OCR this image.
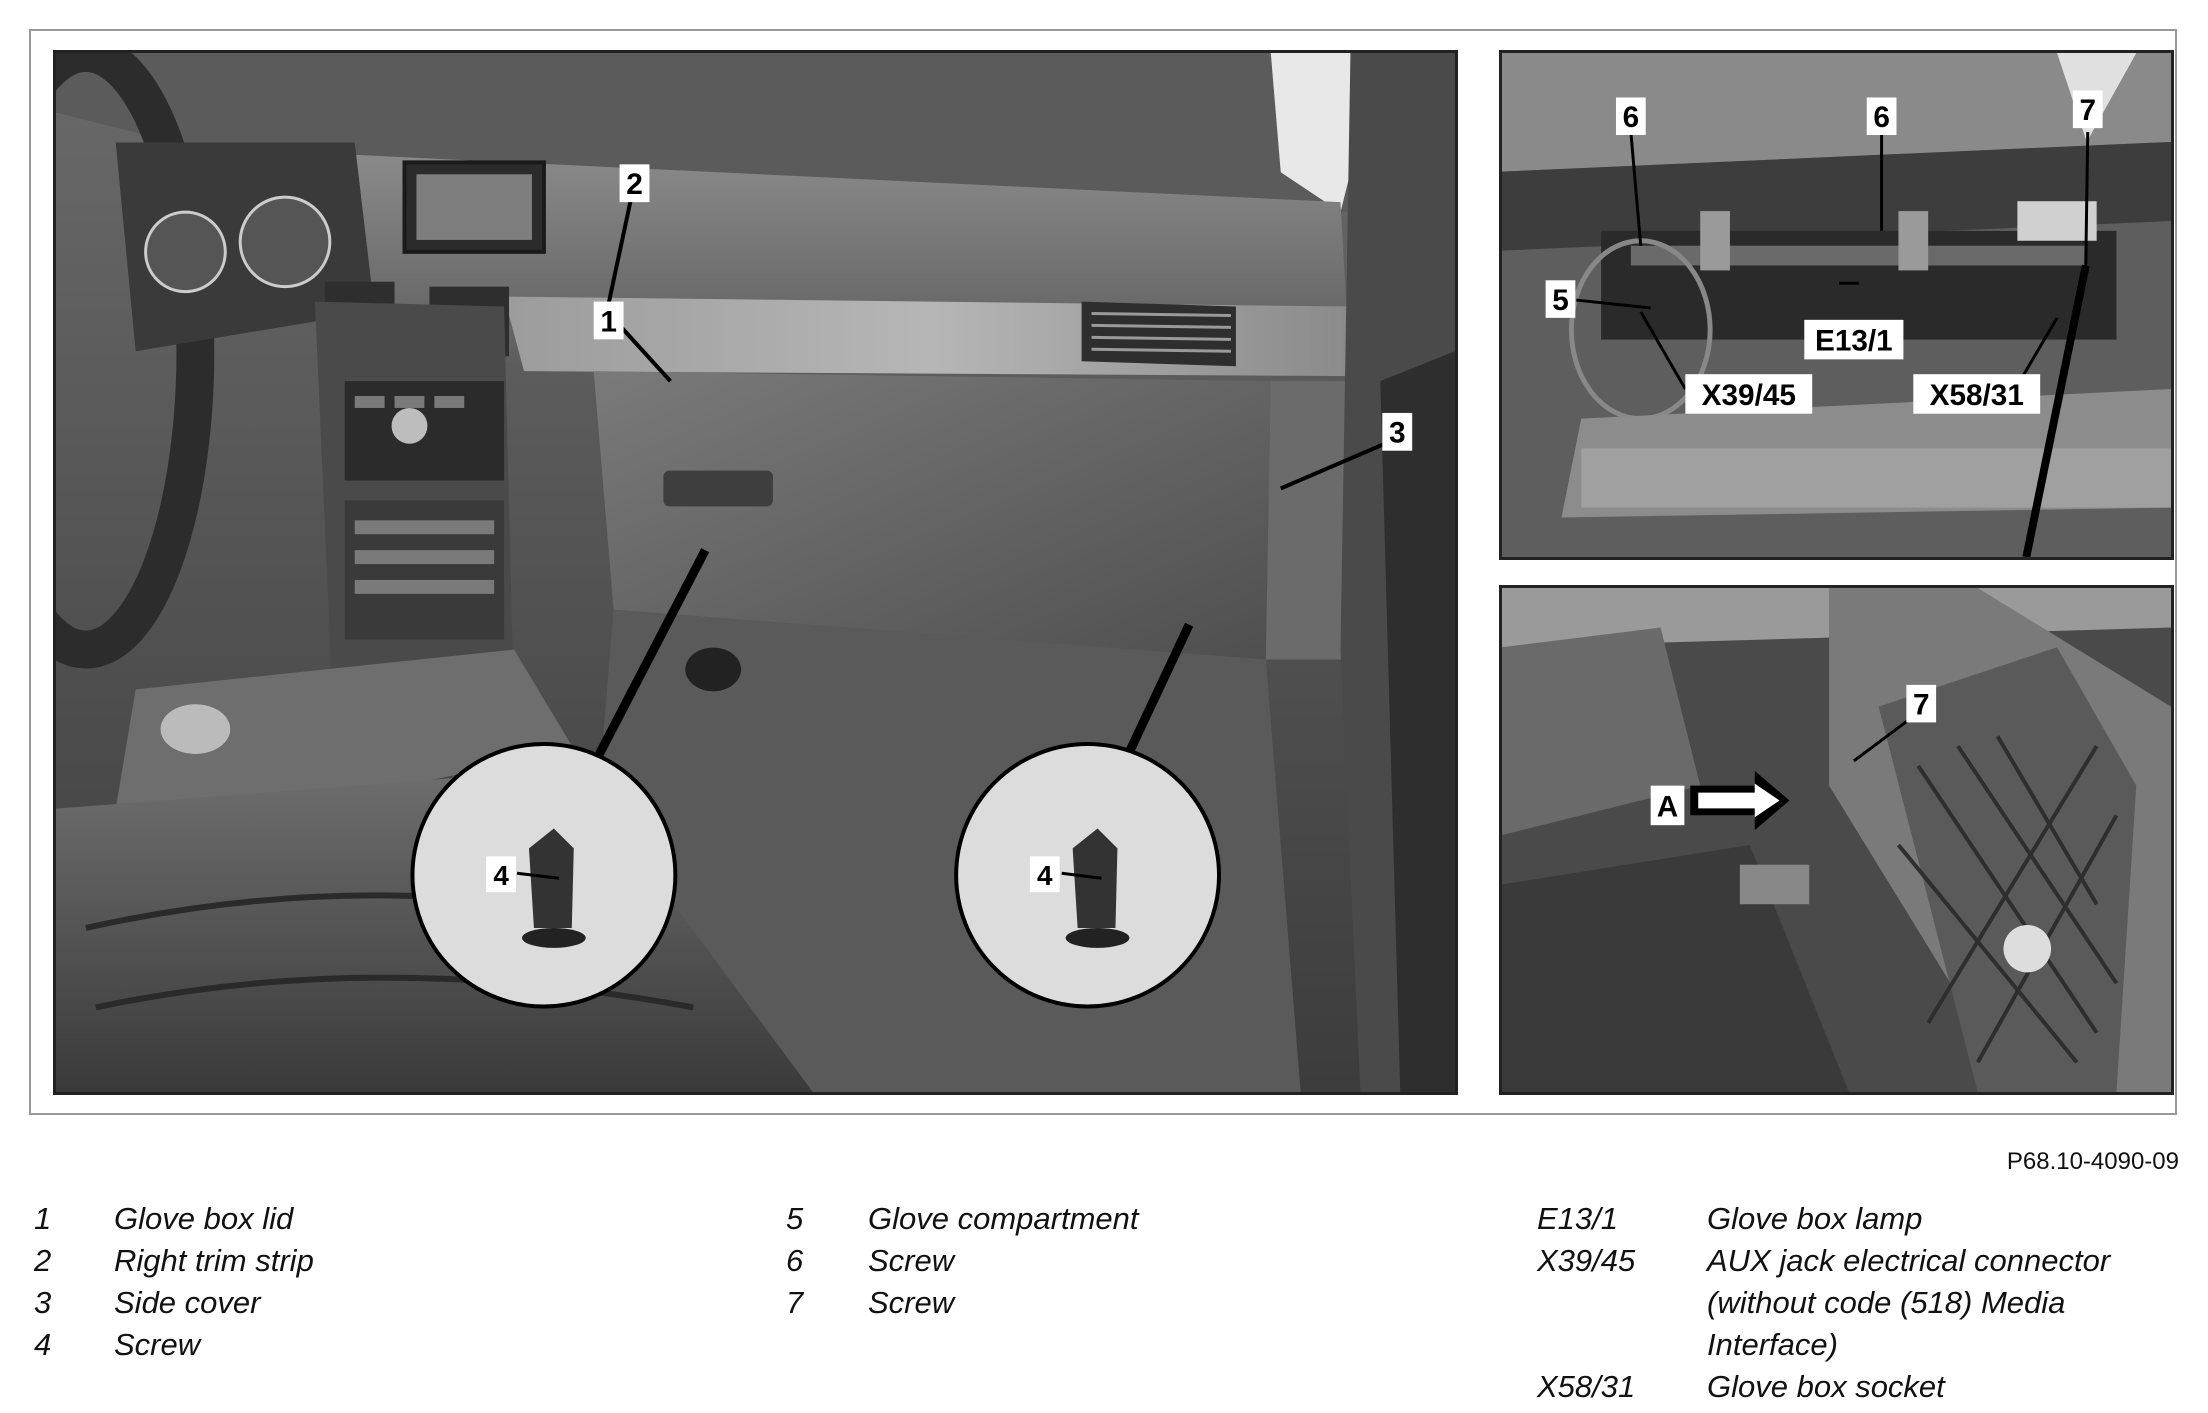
1
2
3
4	4
6	6	7
5
E13/1
X39/45	X58/31
7
A
P68.10-4090-09
1	Glove box lid
2	Right trim strip
3	Side cover
4	Screw
5	Glove compartment
6	Screw
7	Screw
E13/1	Glove box lamp
X39/45	AUX jack electrical connector (without code (518) Media Interface)
X58/31	Glove box socket
